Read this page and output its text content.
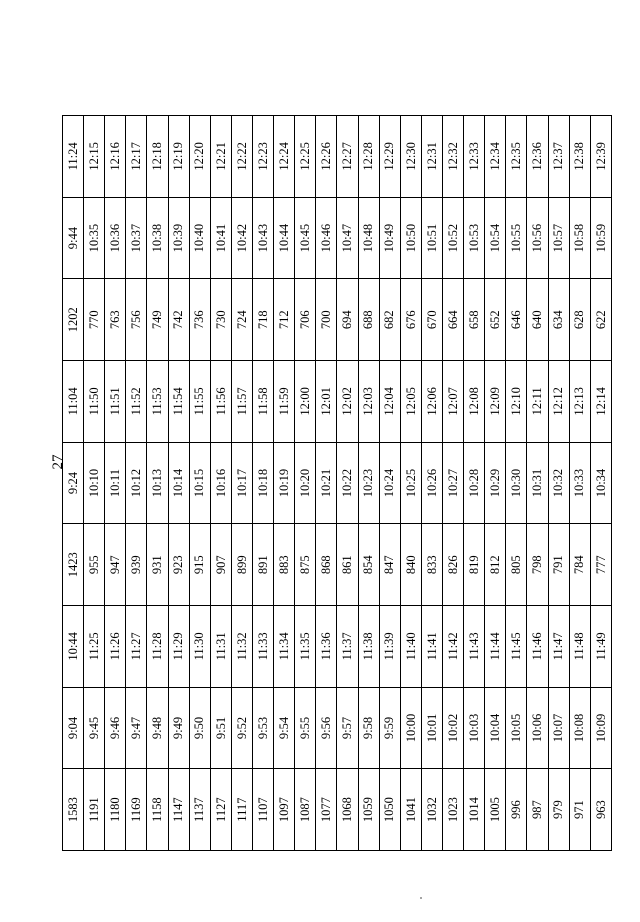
27
1583	9:04	10:44	1423	9:24	11:04	1202	9:44	11:24
1191	9:45	11:25	955	10:10	11:50	770	10:35	12:15
1180	9:46	11:26	947	10:11	11:51	763	10:36	12:16
1169	9:47	11:27	939	10:12	11:52	756	10:37	12:17
1158	9:48	11:28	931	10:13	11:53	749	10:38	12:18
1147	9:49	11:29	923	10:14	11:54	742	10:39	12:19
1137	9:50	11:30	915	10:15	11:55	736	10:40	12:20
1127	9:51	11:31	907	10:16	11:56	730	10:41	12:21
1117	9:52	11:32	899	10:17	11:57	724	10:42	12:22
1107	9:53	11:33	891	10:18	11:58	718	10:43	12:23
1097	9:54	11:34	883	10:19	11:59	712	10:44	12:24
1087	9:55	11:35	875	10:20	12:00	706	10:45	12:25
1077	9:56	11:36	868	10:21	12:01	700	10:46	12:26
1068	9:57	11:37	861	10:22	12:02	694	10:47	12:27
1059	9:58	11:38	854	10:23	12:03	688	10:48	12:28
1050	9:59	11:39	847	10:24	12:04	682	10:49	12:29
1041	10:00	11:40	840	10:25	12:05	676	10:50	12:30
1032	10:01	11:41	833	10:26	12:06	670	10:51	12:31
1023	10:02	11:42	826	10:27	12:07	664	10:52	12:32
1014	10:03	11:43	819	10:28	12:08	658	10:53	12:33
1005	10:04	11:44	812	10:29	12:09	652	10:54	12:34
996	10:05	11:45	805	10:30	12:10	646	10:55	12:35
987	10:06	11:46	798	10:31	12:11	640	10:56	12:36
979	10:07	11:47	791	10:32	12:12	634	10:57	12:37
971	10:08	11:48	784	10:33	12:13	628	10:58	12:38
963	10:09	11:49	777	10:34	12:14	622	10:59	12:39
